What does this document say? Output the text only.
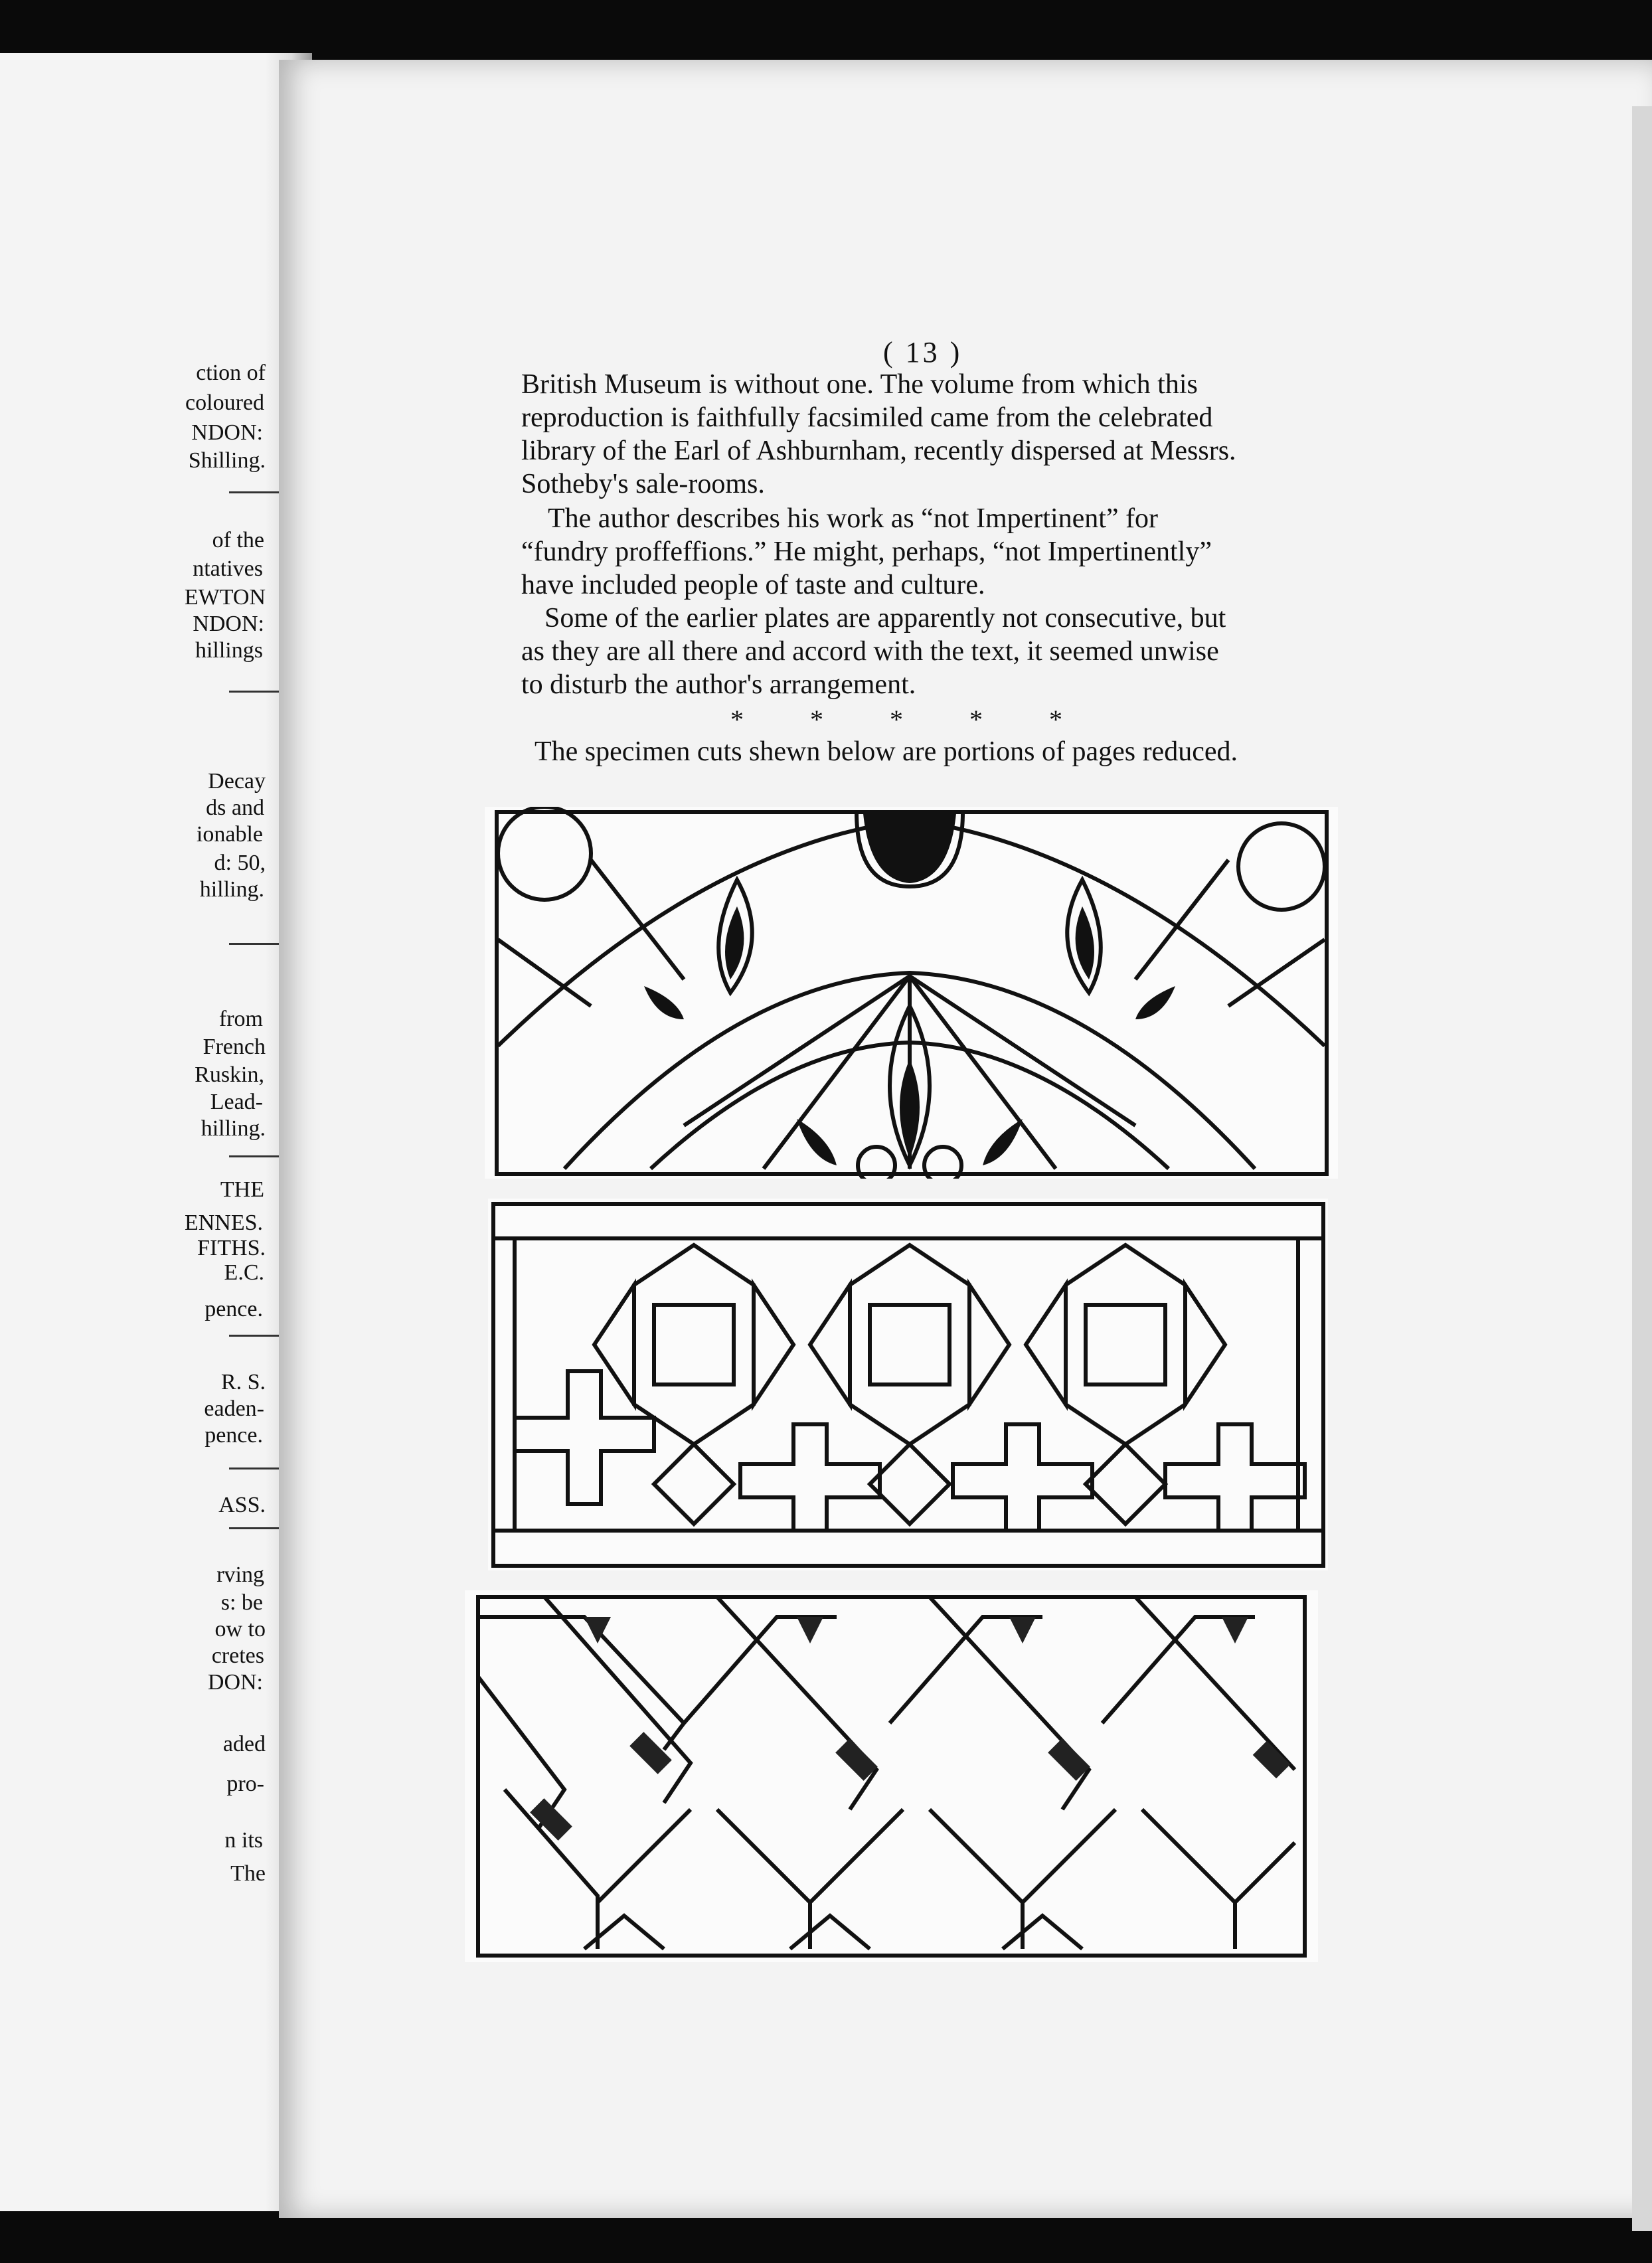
ction of
coloured
NDON:
Shilling.
of the
ntatives
EWTON
NDON:
hillings
Decay
ds and
ionable
d: 50,
hilling.
from
French
Ruskin,
Lead-
hilling.
THE
ENNES.
FITHS.
E.C.
pence.
R. S.
eaden-
pence.
ASS.
rving
s: be
ow to
cretes
DON:
aded
pro-
n its
The
( 13 )
British Museum is without one. The volume from which this
reproduction is faithfully facsimiled came from the celebrated
library of the Earl of Ashburnham, recently dispersed at Messrs.
Sotheby's sale-rooms.
The author describes his work as “not Impertinent” for
“fundry proffeffions.” He might, perhaps, “not Impertinently”
have included people of taste and culture.
Some of the earlier plates are apparently not consecutive, but
as they are all there and accord with the text, it seemed unwise
to disturb the author's arrangement.
* * * * *
The specimen cuts shewn below are portions of pages reduced.
